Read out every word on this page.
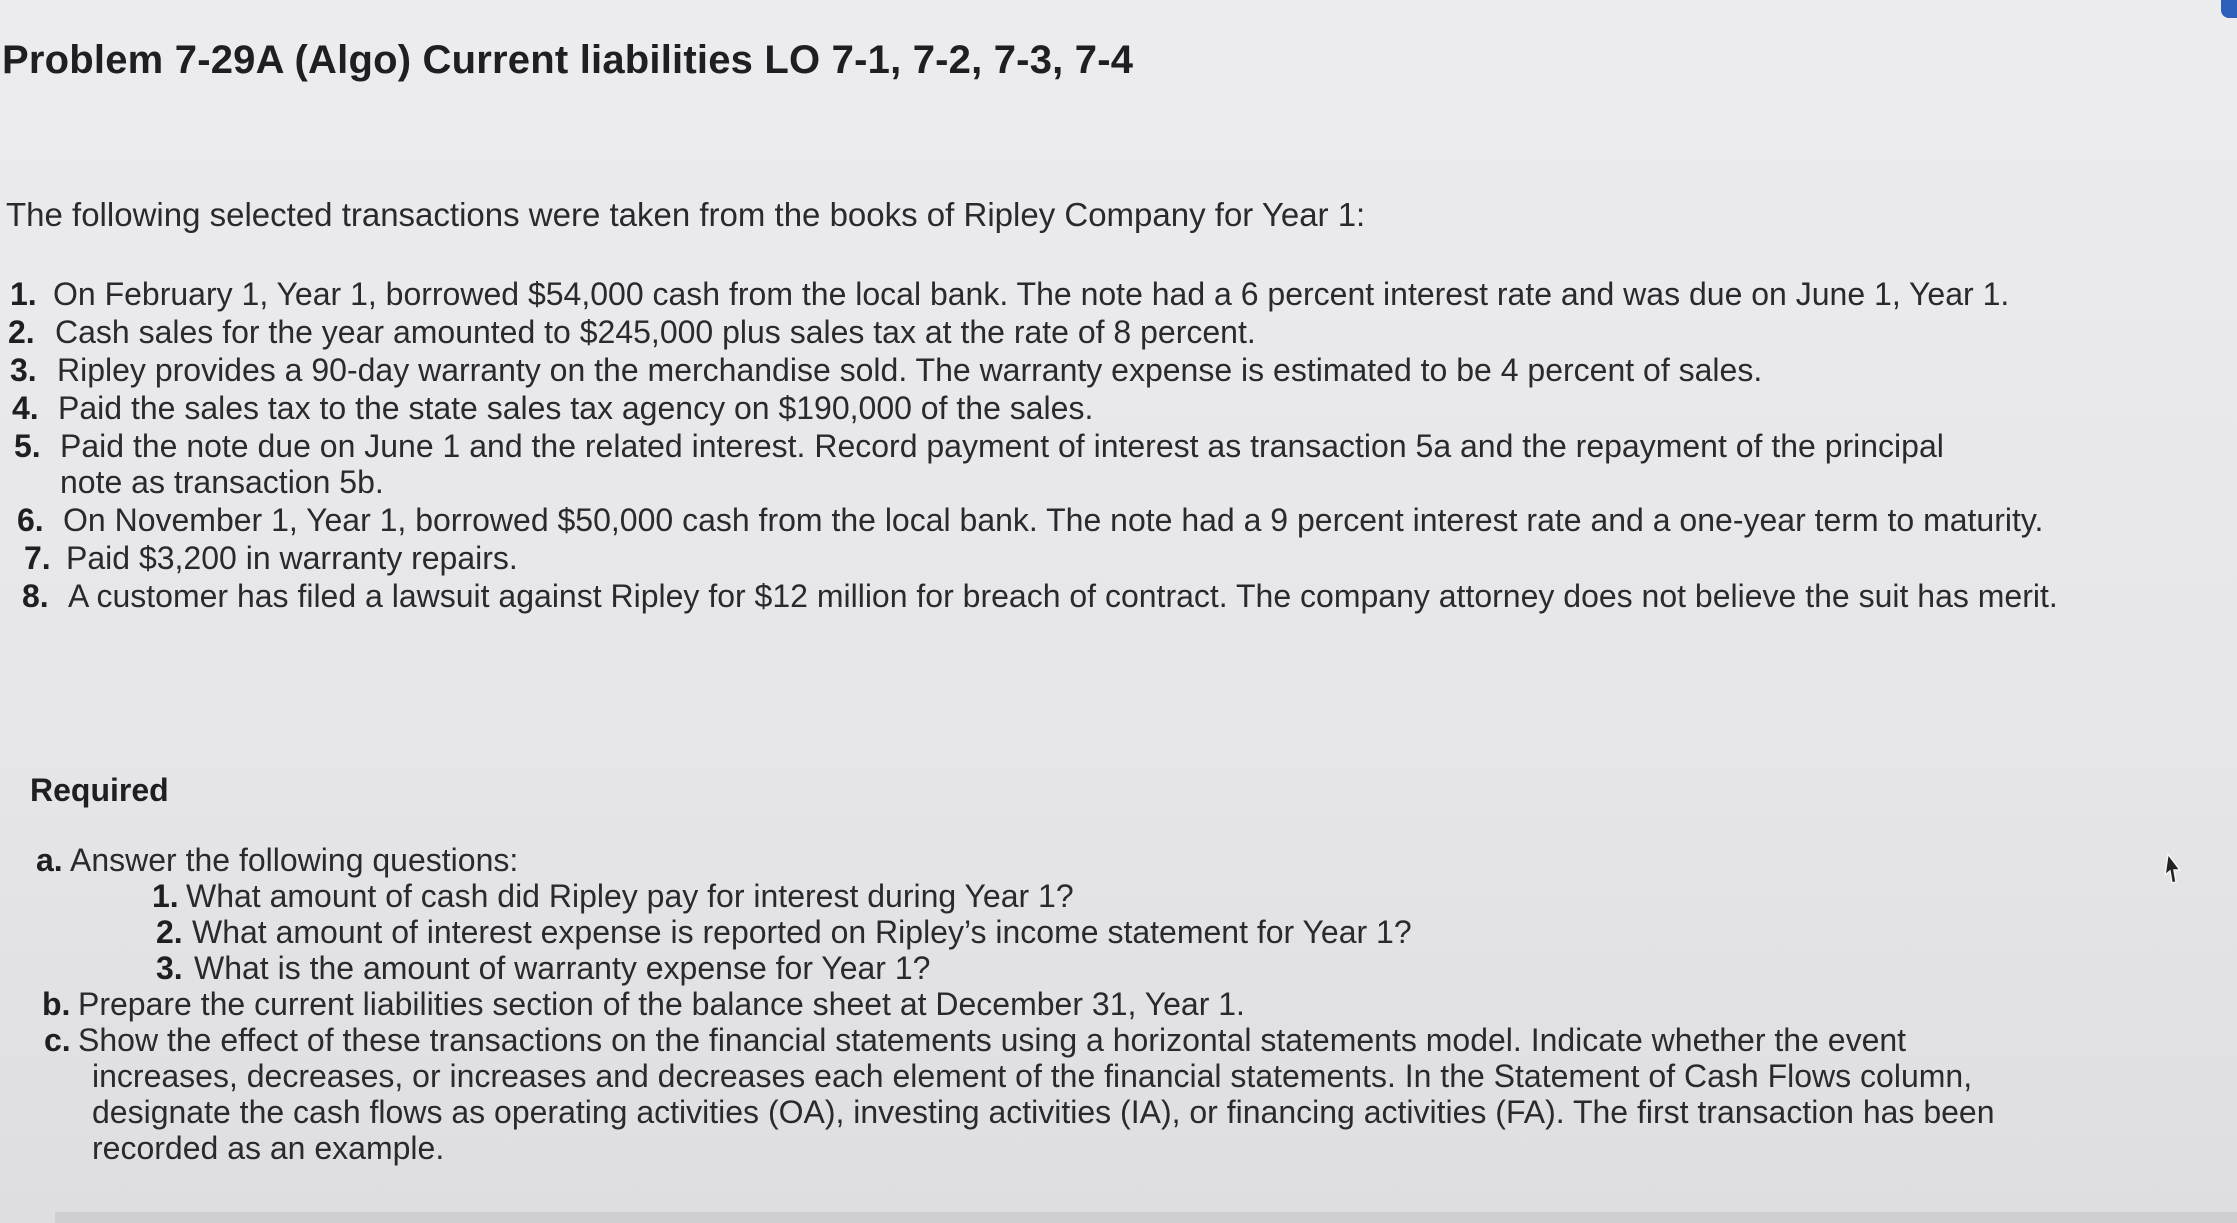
Problem 7-29A (Algo) Current liabilities LO 7-1, 7-2, 7-3, 7-4
The following selected transactions were taken from the books of Ripley Company for Year 1:
1. On February 1, Year 1, borrowed $54,000 cash from the local bank. The note had a 6 percent interest rate and was due on June 1, Year 1.
2. Cash sales for the year amounted to $245,000 plus sales tax at the rate of 8 percent.
3. Ripley provides a 90-day warranty on the merchandise sold. The warranty expense is estimated to be 4 percent of sales.
4. Paid the sales tax to the state sales tax agency on $190,000 of the sales.
5. Paid the note due on June 1 and the related interest. Record payment of interest as transaction 5a and the repayment of the principal note as transaction 5b.
6. On November 1, Year 1, borrowed $50,000 cash from the local bank. The note had a 9 percent interest rate and a one-year term to maturity.
7. Paid $3,200 in warranty repairs.
8. A customer has filed a lawsuit against Ripley for $12 million for breach of contract. The company attorney does not believe the suit has merit.
Required
a. Answer the following questions:
1. What amount of cash did Ripley pay for interest during Year 1?
2. What amount of interest expense is reported on Ripley’s income statement for Year 1?
3. What is the amount of warranty expense for Year 1?
b. Prepare the current liabilities section of the balance sheet at December 31, Year 1.
c. Show the effect of these transactions on the financial statements using a horizontal statements model. Indicate whether the event increases, decreases, or increases and decreases each element of the financial statements. In the Statement of Cash Flows column, designate the cash flows as operating activities (OA), investing activities (IA), or financing activities (FA). The first transaction has been recorded as an example.
